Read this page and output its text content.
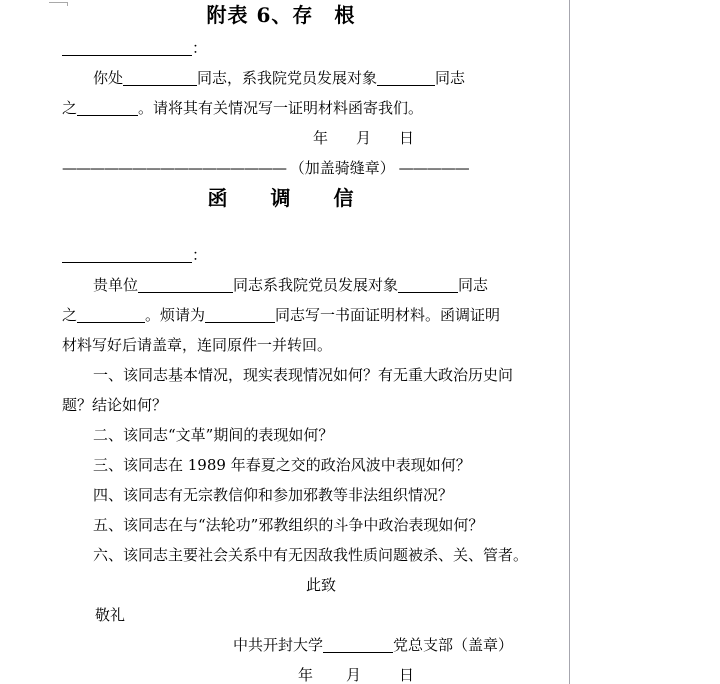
附表 6、存　根

：

你处	同志，系我院党员发展对象	同志

之	。请将其有关情况写一证明材料函寄我们。

年 月 日

———————————————— （加盖骑缝章） —————

函　　调　　信

：

贵单位	同志系我院党员发展对象	同志

之	。烦请为	同志写一书面证明材料。函调证明

材料写好后请盖章，连同原件一并转回。

一、该同志基本情况，现实表现情况如何？有无重大政治历史问

题？结论如何？

二、该同志“文革”期间的表现如何？

三、该同志在 1989 年春夏之交的政治风波中表现如何？

四、该同志有无宗教信仰和参加邪教等非法组织情况？

五、该同志在与“法轮功”邪教组织的斗争中政治表现如何？

六、该同志主要社会关系中有无因敌我性质问题被杀、关、管者。

此致

敬礼

中共开封大学	党总支部（盖章）

年 月	日
